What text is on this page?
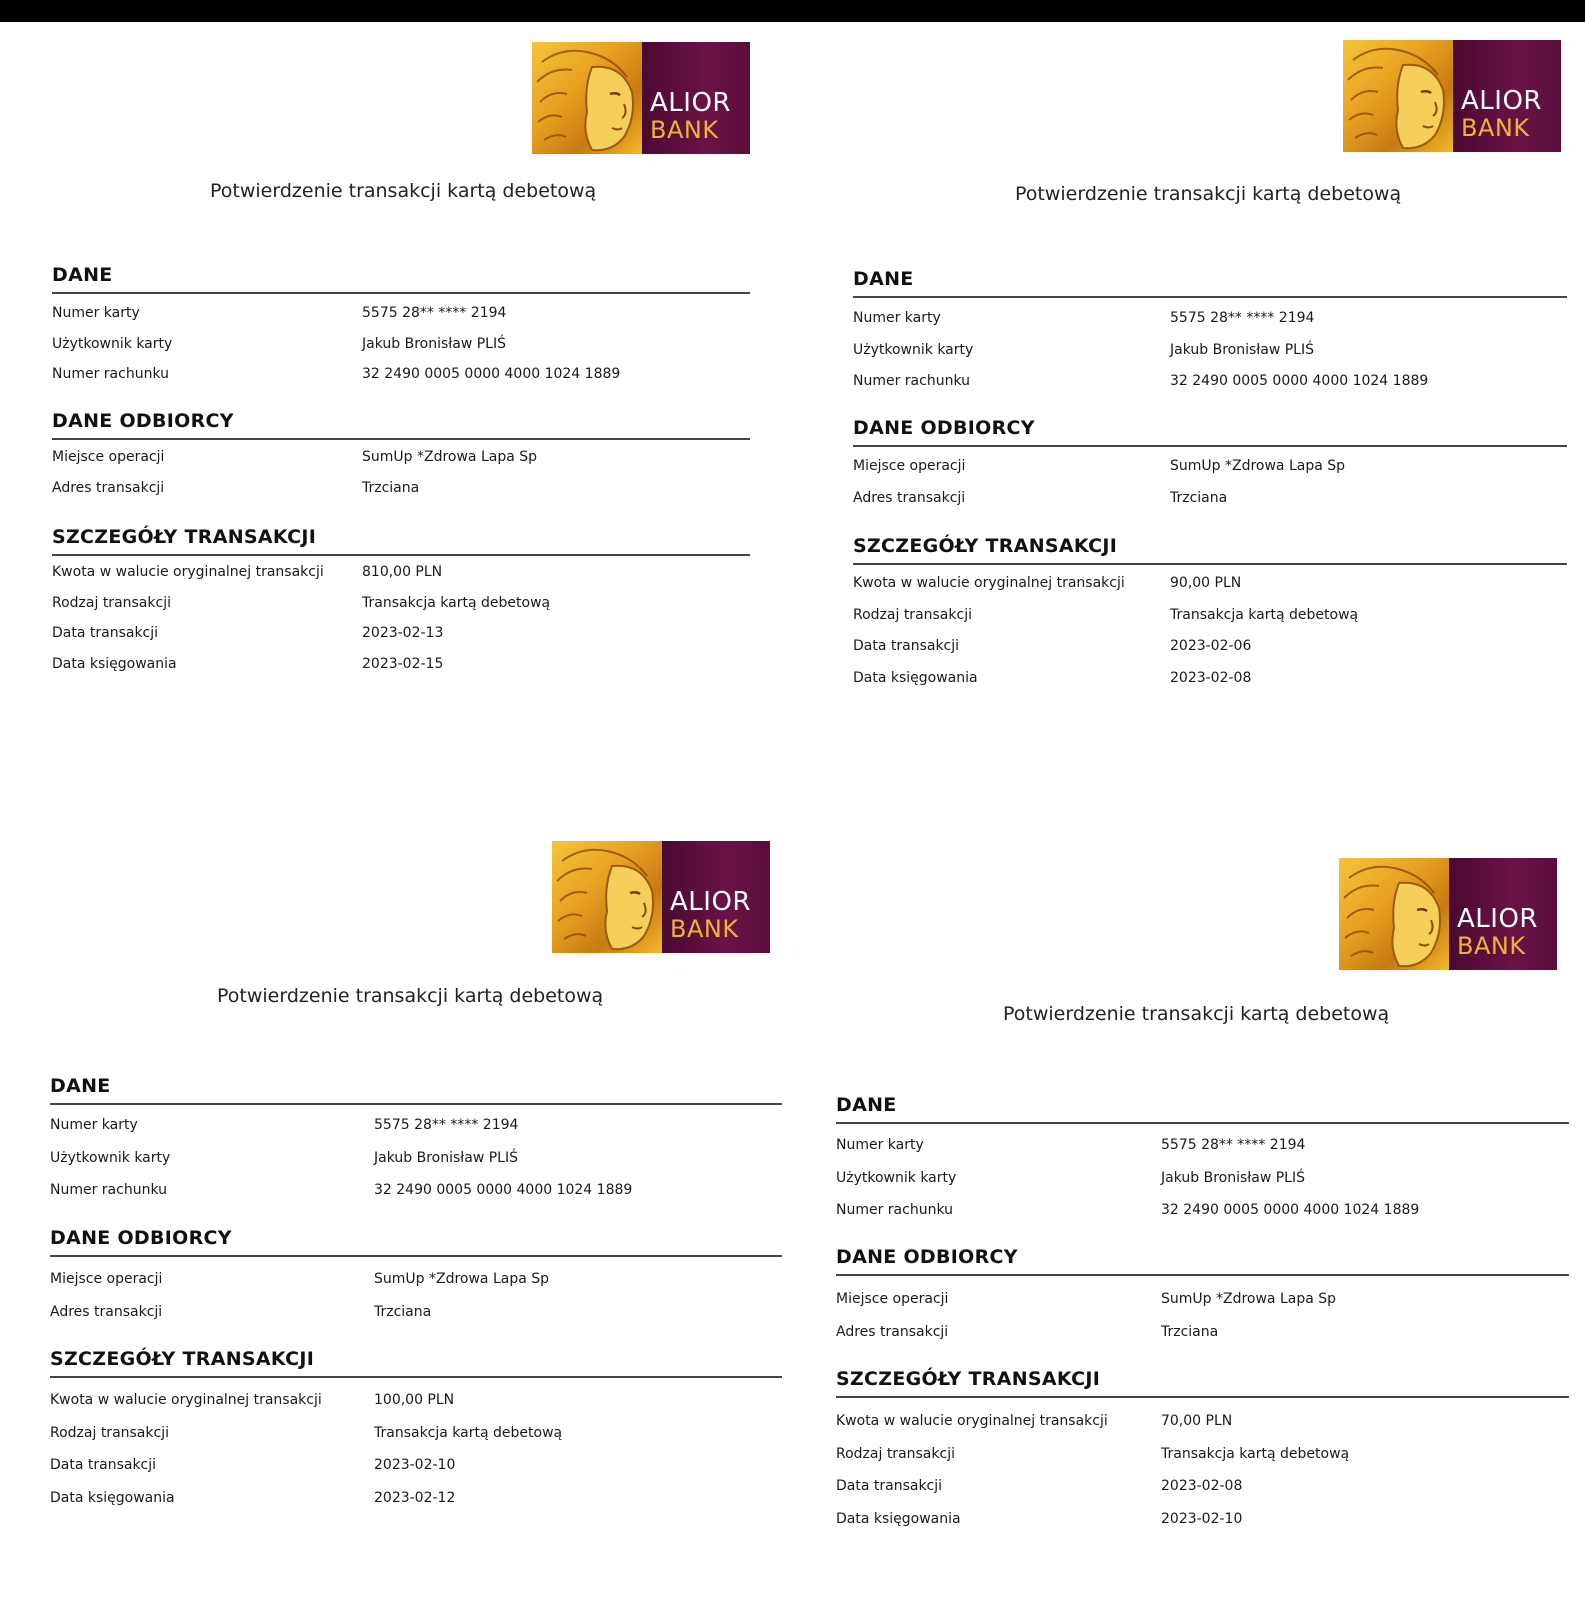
ALIOR
BANK
Potwierdzenie transakcji kartą debetową
DANE
Numer karty	5575 28** **** 2194
Użytkownik karty	Jakub Bronisław PLIŚ
Numer rachunku	32 2490 0005 0000 4000 1024 1889
DANE ODBIORCY
Miejsce operacji	SumUp *Zdrowa Lapa Sp
Adres transakcji	Trzciana
SZCZEGÓŁY TRANSAKCJI
Kwota w walucie oryginalnej transakcji	810,00 PLN
Rodzaj transakcji	Transakcja kartą debetową
Data transakcji	2023-02-13
Data księgowania	2023-02-15
ALIOR
BANK
Potwierdzenie transakcji kartą debetową
DANE
Numer karty	5575 28** **** 2194
Użytkownik karty	Jakub Bronisław PLIŚ
Numer rachunku	32 2490 0005 0000 4000 1024 1889
DANE ODBIORCY
Miejsce operacji	SumUp *Zdrowa Lapa Sp
Adres transakcji	Trzciana
SZCZEGÓŁY TRANSAKCJI
Kwota w walucie oryginalnej transakcji	90,00 PLN
Rodzaj transakcji	Transakcja kartą debetową
Data transakcji	2023-02-06
Data księgowania	2023-02-08
ALIOR
BANK
Potwierdzenie transakcji kartą debetową
DANE
Numer karty	5575 28** **** 2194
Użytkownik karty	Jakub Bronisław PLIŚ
Numer rachunku	32 2490 0005 0000 4000 1024 1889
DANE ODBIORCY
Miejsce operacji	SumUp *Zdrowa Lapa Sp
Adres transakcji	Trzciana
SZCZEGÓŁY TRANSAKCJI
Kwota w walucie oryginalnej transakcji	100,00 PLN
Rodzaj transakcji	Transakcja kartą debetową
Data transakcji	2023-02-10
Data księgowania	2023-02-12
ALIOR
BANK
Potwierdzenie transakcji kartą debetową
DANE
Numer karty	5575 28** **** 2194
Użytkownik karty	Jakub Bronisław PLIŚ
Numer rachunku	32 2490 0005 0000 4000 1024 1889
DANE ODBIORCY
Miejsce operacji	SumUp *Zdrowa Lapa Sp
Adres transakcji	Trzciana
SZCZEGÓŁY TRANSAKCJI
Kwota w walucie oryginalnej transakcji	70,00 PLN
Rodzaj transakcji	Transakcja kartą debetową
Data transakcji	2023-02-08
Data księgowania	2023-02-10
